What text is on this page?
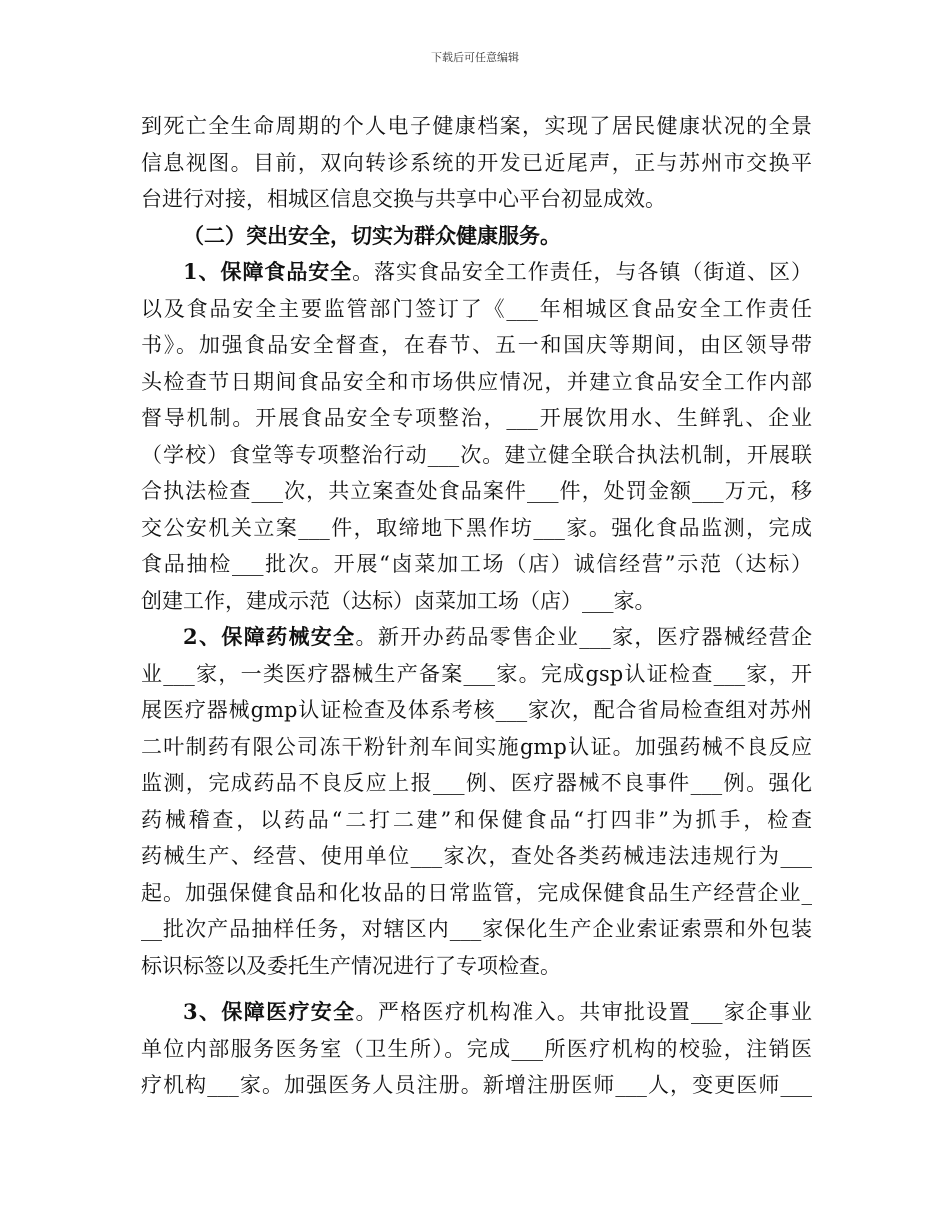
下载后可任意编辑

到死亡全生命周期的个人电子健康档案，实现了居民健康状况的全景

信息视图。目前，双向转诊系统的开发已近尾声，正与苏州市交换平

台进行对接，相城区信息交换与共享中心平台初显成效。

（二）突出安全，切实为群众健康服务。

1、保障食品安全。落实食品安全工作责任，与各镇（街道、区）

以及食品安全主要监管部门签订了《___年相城区食品安全工作责任

书》。加强食品安全督查，在春节、五一和国庆等期间，由区领导带

头检查节日期间食品安全和市场供应情况，并建立食品安全工作内部

督导机制。开展食品安全专项整治，___开展饮用水、生鲜乳、企业

（学校）食堂等专项整治行动___次。建立健全联合执法机制，开展联

合执法检查___次，共立案查处食品案件___件，处罚金额___万元，移

交公安机关立案___件，取缔地下黑作坊___家。强化食品监测，完成

食品抽检___批次。开展“卤菜加工场（店）诚信经营”示范（达标）

创建工作，建成示范（达标）卤菜加工场（店）___家。

2、保障药械安全。新开办药品零售企业___家，医疗器械经营企

业___家，一类医疗器械生产备案___家。完成gsp认证检查___家，开

展医疗器械gmp认证检查及体系考核___家次，配合省局检查组对苏州

二叶制药有限公司冻干粉针剂车间实施gmp认证。加强药械不良反应

监测，完成药品不良反应上报___例、医疗器械不良事件___例。强化

药械稽查，以药品“二打二建”和保健食品“打四非”为抓手，检查

药械生产、经营、使用单位___家次，查处各类药械违法违规行为___

起。加强保健食品和化妆品的日常监管，完成保健食品生产经营企业_

__批次产品抽样任务，对辖区内___家保化生产企业索证索票和外包装

标识标签以及委托生产情况进行了专项检查。

3、保障医疗安全。严格医疗机构准入。共审批设置___家企事业

单位内部服务医务室（卫生所）。完成___所医疗机构的校验，注销医

疗机构___家。加强医务人员注册。新增注册医师___人，变更医师___
